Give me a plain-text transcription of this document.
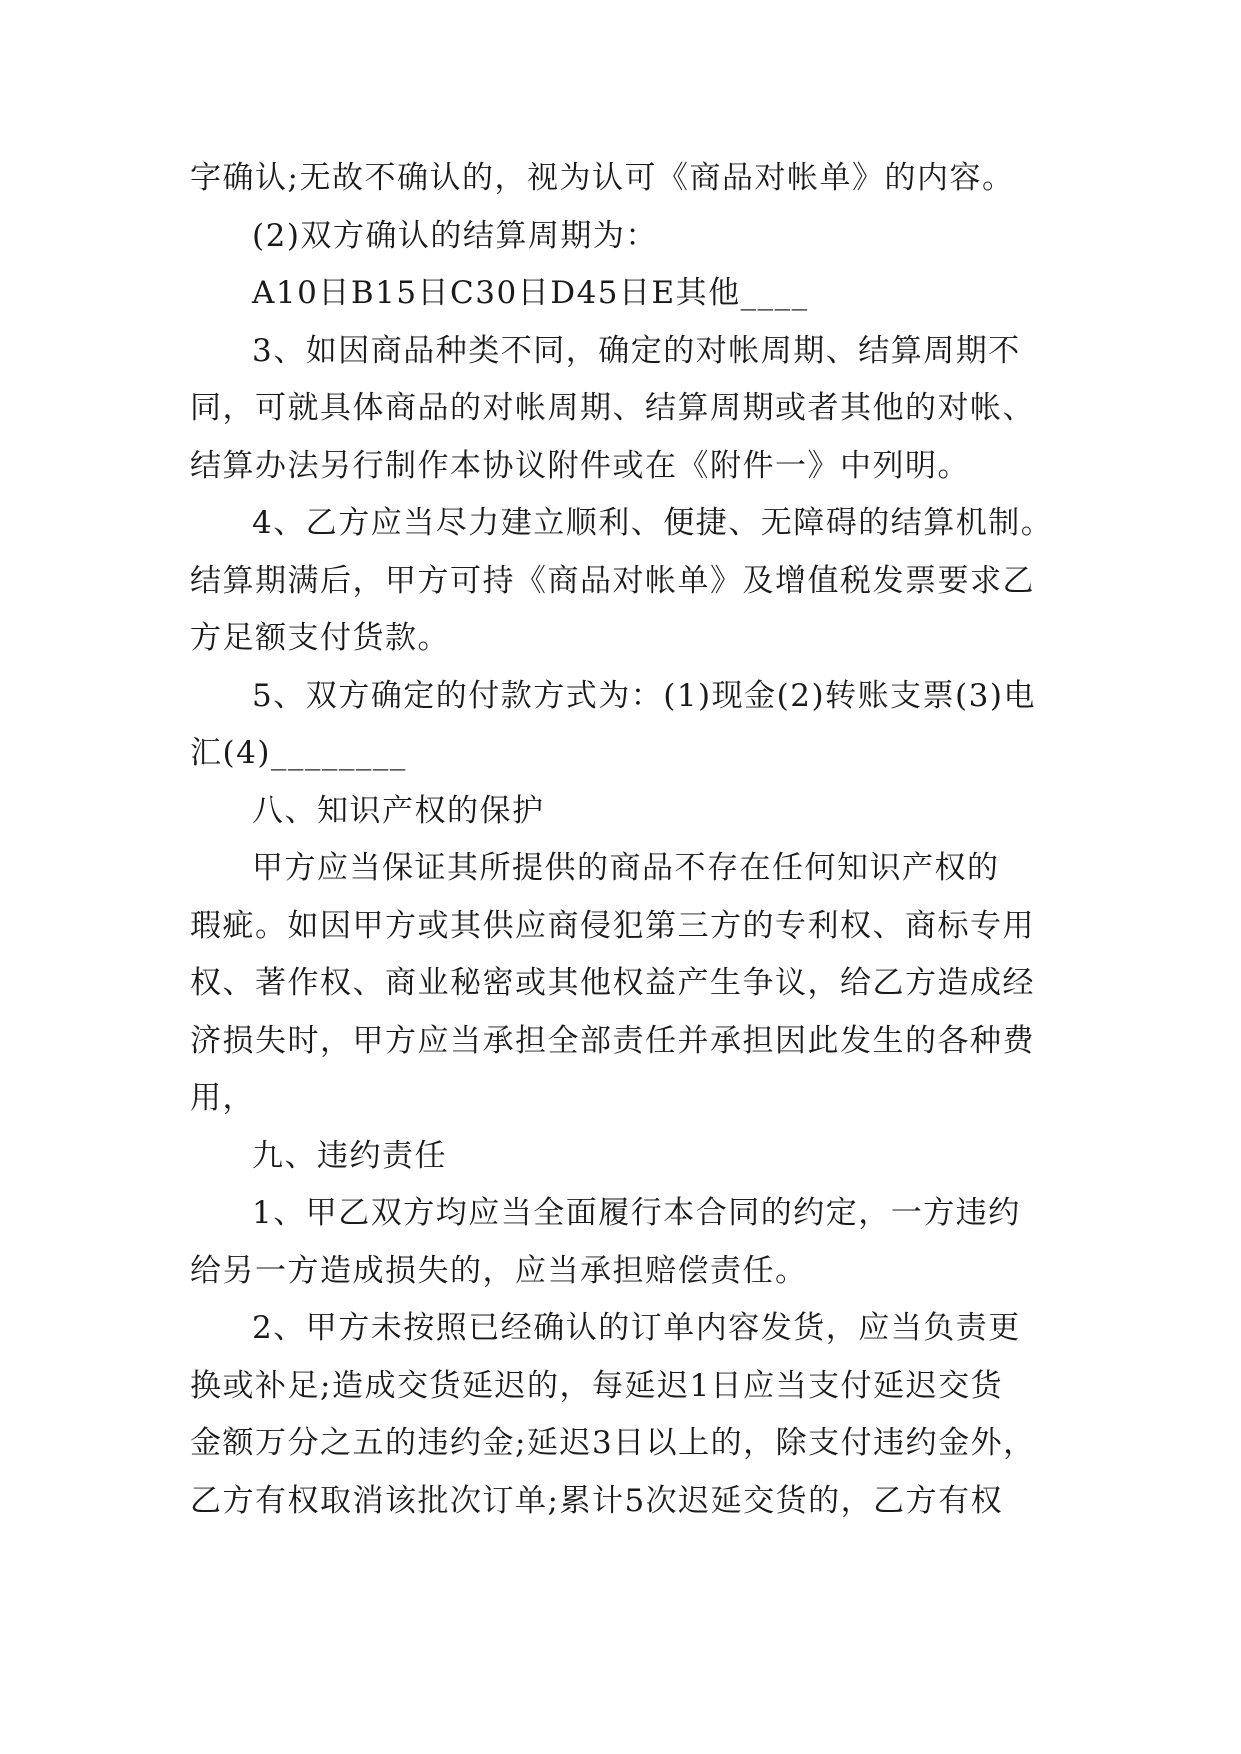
字确认;无故不确认的，视为认可《商品对帐单》的内容。

(2)双方确认的结算周期为：

A10日B15日C30日D45日E其他____

3、如因商品种类不同，确定的对帐周期、结算周期不

同，可就具体商品的对帐周期、结算周期或者其他的对帐、

结算办法另行制作本协议附件或在《附件一》中列明。

4、乙方应当尽力建立顺利、便捷、无障碍的结算机制。

结算期满后，甲方可持《商品对帐单》及增值税发票要求乙

方足额支付货款。

5、双方确定的付款方式为：(1)现金(2)转账支票(3)电

汇(4)________

八、知识产权的保护

甲方应当保证其所提供的商品不存在任何知识产权的

瑕疵。如因甲方或其供应商侵犯第三方的专利权、商标专用

权、著作权、商业秘密或其他权益产生争议，给乙方造成经

济损失时，甲方应当承担全部责任并承担因此发生的各种费

用，

九、违约责任

1、甲乙双方均应当全面履行本合同的约定，一方违约

给另一方造成损失的，应当承担赔偿责任。

2、甲方未按照已经确认的订单内容发货，应当负责更

换或补足;造成交货延迟的，每延迟1日应当支付延迟交货

金额万分之五的违约金;延迟3日以上的，除支付违约金外，

乙方有权取消该批次订单;累计5次迟延交货的，乙方有权
